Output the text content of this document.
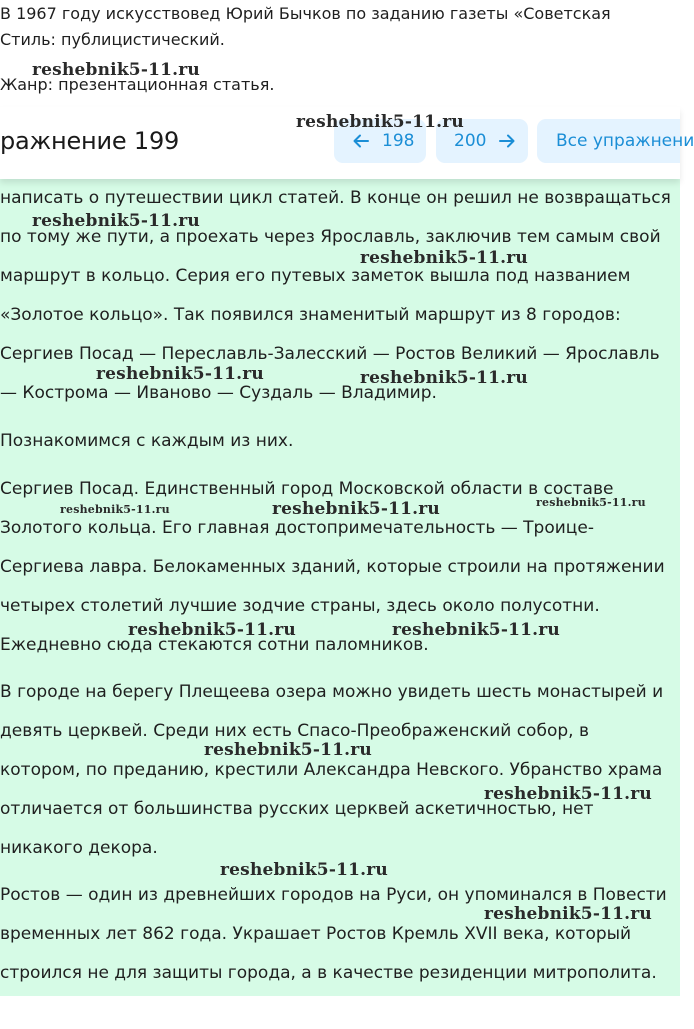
В 1967 году искусствовед Юрий Бычков по заданию газеты «Советская
Стиль: публицистический.
Жанр: презентационная статья.
ражнение 199	198 200	Все упражнени
написать о путешествии цикл статей. В конце он решил не возвращаться
по тому же пути, а проехать через Ярославль, заключив тем самым свой
маршрут в кольцо. Серия его путевых заметок вышла под названием
«Золотое кольцо». Так появился знаменитый маршрут из 8 городов:
Сергиев Посад — Переславль-Залесский — Ростов Великий — Ярославль
— Кострома — Иваново — Суздаль — Владимир.
Познакомимся с каждым из них.
Сергиев Посад. Единственный город Московской области в составе
Золотого кольца. Его главная достопримечательность — Троице-
Сергиева лавра. Белокаменных зданий, которые строили на протяжении
четырех столетий лучшие зодчие страны, здесь около полусотни.
Ежедневно сюда стекаются сотни паломников.
В городе на берегу Плещеева озера можно увидеть шесть монастырей и
девять церквей. Среди них есть Спасо-Преображенский собор, в
котором, по преданию, крестили Александра Невского. Убранство храма
отличается от большинства русских церквей аскетичностью, нет
никакого декора.
Ростов — один из древнейших городов на Руси, он упоминался в Повести
временных лет 862 года. Украшает Ростов Кремль XVII века, который
строился не для защиты города, а в качестве резиденции митрополита.
reshebnik5-11.ru
reshebnik5-11.ru
reshebnik5-11.ru
reshebnik5-11.ru
reshebnik5-11.ru	reshebnik5-11.ru
reshebnik5-11.ru	reshebnik5-11.ru	reshebnik5-11.ru
reshebnik5-11.ru	reshebnik5-11.ru
reshebnik5-11.ru
reshebnik5-11.ru
reshebnik5-11.ru
reshebnik5-11.ru
